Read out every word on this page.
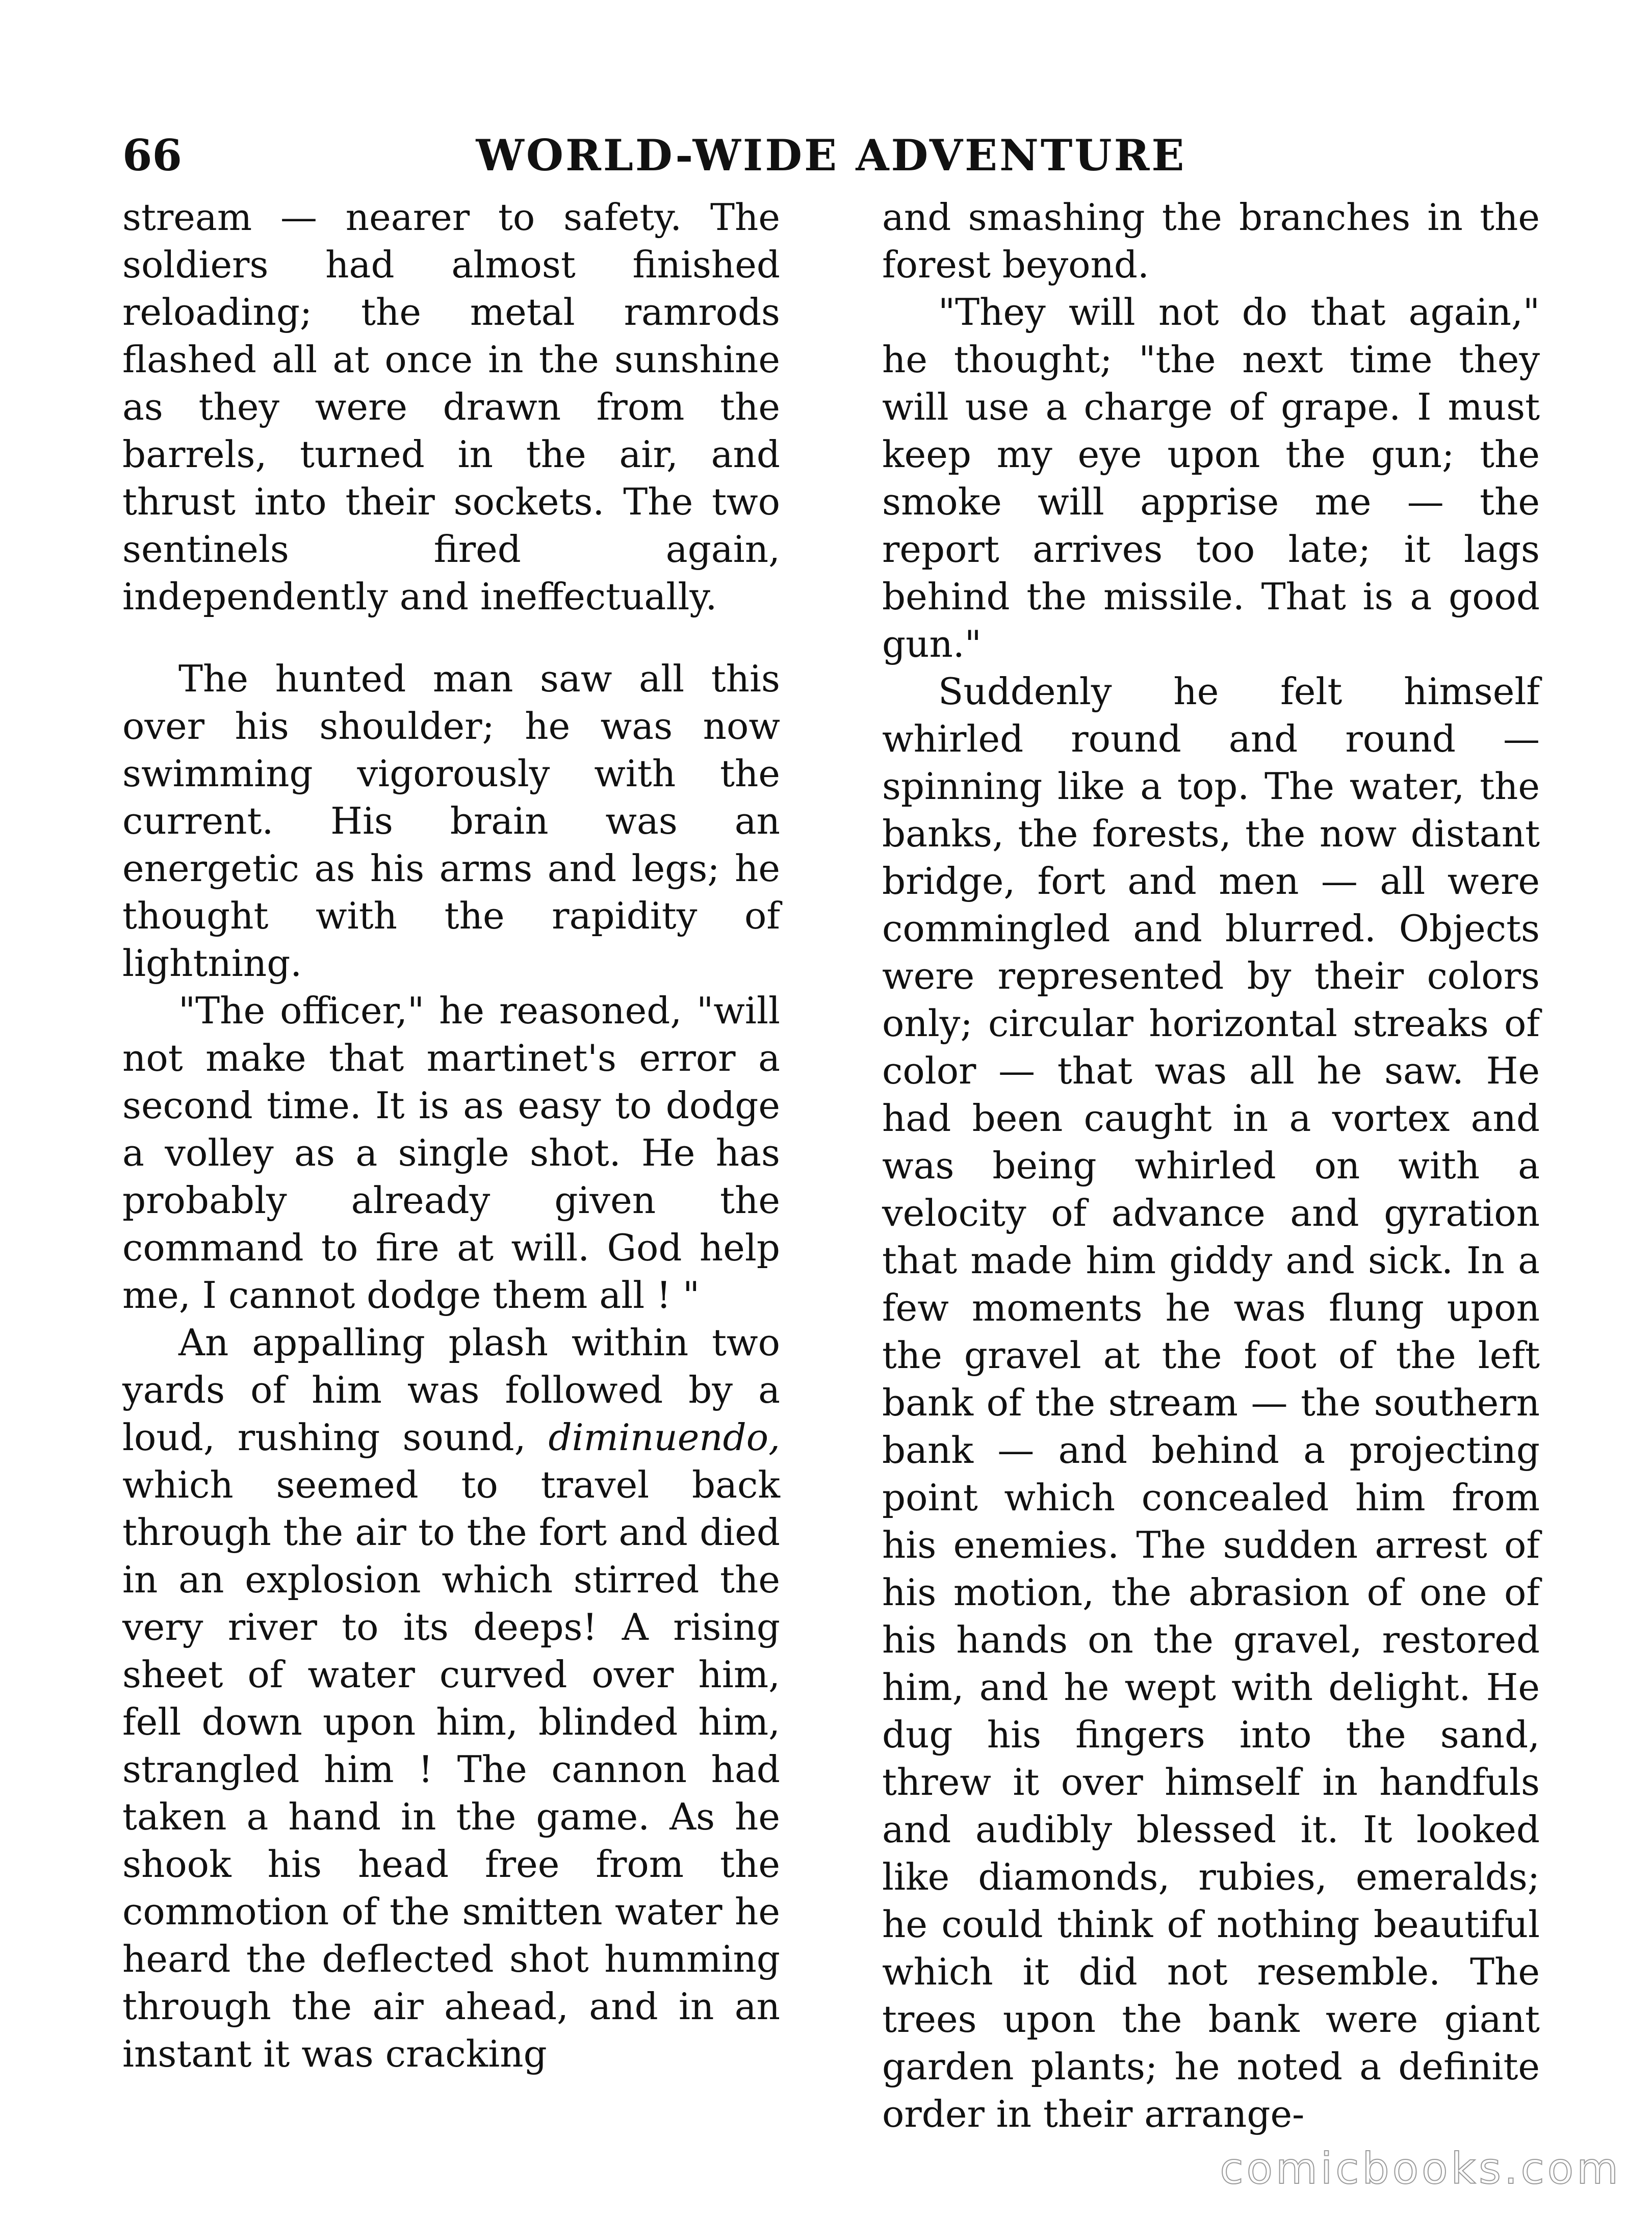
66	WORLD-WIDE ADVENTURE

stream — nearer to safety. The soldiers had almost finished reloading; the metal ramrods flashed all at once in the sunshine as they were drawn from the barrels, turned in the air, and thrust into their sockets. The two sentinels fired again, independently and ineffectually.

The hunted man saw all this over his shoulder; he was now swimming vigorously with the current. His brain was an energetic as his arms and legs; he thought with the rapidity of lightning.

"The officer," he reasoned, "will not make that martinet's error a second time. It is as easy to dodge a volley as a single shot. He has probably already given the command to fire at will. God help me, I cannot dodge them all ! "

An appalling plash within two yards of him was followed by a loud, rushing sound, diminuendo, which seemed to travel back through the air to the fort and died in an explosion which stirred the very river to its deeps! A rising sheet of water curved over him, fell down upon him, blinded him, strangled him ! The cannon had taken a hand in the game. As he shook his head free from the commotion of the smitten water he heard the deflected shot humming through the air ahead, and in an instant it was cracking

and smashing the branches in the forest beyond.

"They will not do that again," he thought; "the next time they will use a charge of grape. I must keep my eye upon the gun; the smoke will apprise me — the report arrives too late; it lags behind the missile. That is a good gun."

Suddenly he felt himself whirled round and round — spinning like a top. The water, the banks, the forests, the now distant bridge, fort and men — all were commingled and blurred. Objects were represented by their colors only; circular horizontal streaks of color — that was all he saw. He had been caught in a vortex and was being whirled on with a velocity of advance and gyration that made him giddy and sick. In a few moments he was flung upon the gravel at the foot of the left bank of the stream — the southern bank — and behind a projecting point which concealed him from his enemies. The sudden arrest of his motion, the abrasion of one of his hands on the gravel, restored him, and he wept with delight. He dug his fingers into the sand, threw it over himself in handfuls and audibly blessed it. It looked like diamonds, rubies, emeralds; he could think of nothing beautiful which it did not resemble. The trees upon the bank were giant garden plants; he noted a definite order in their arrange-

comicbooks.com
